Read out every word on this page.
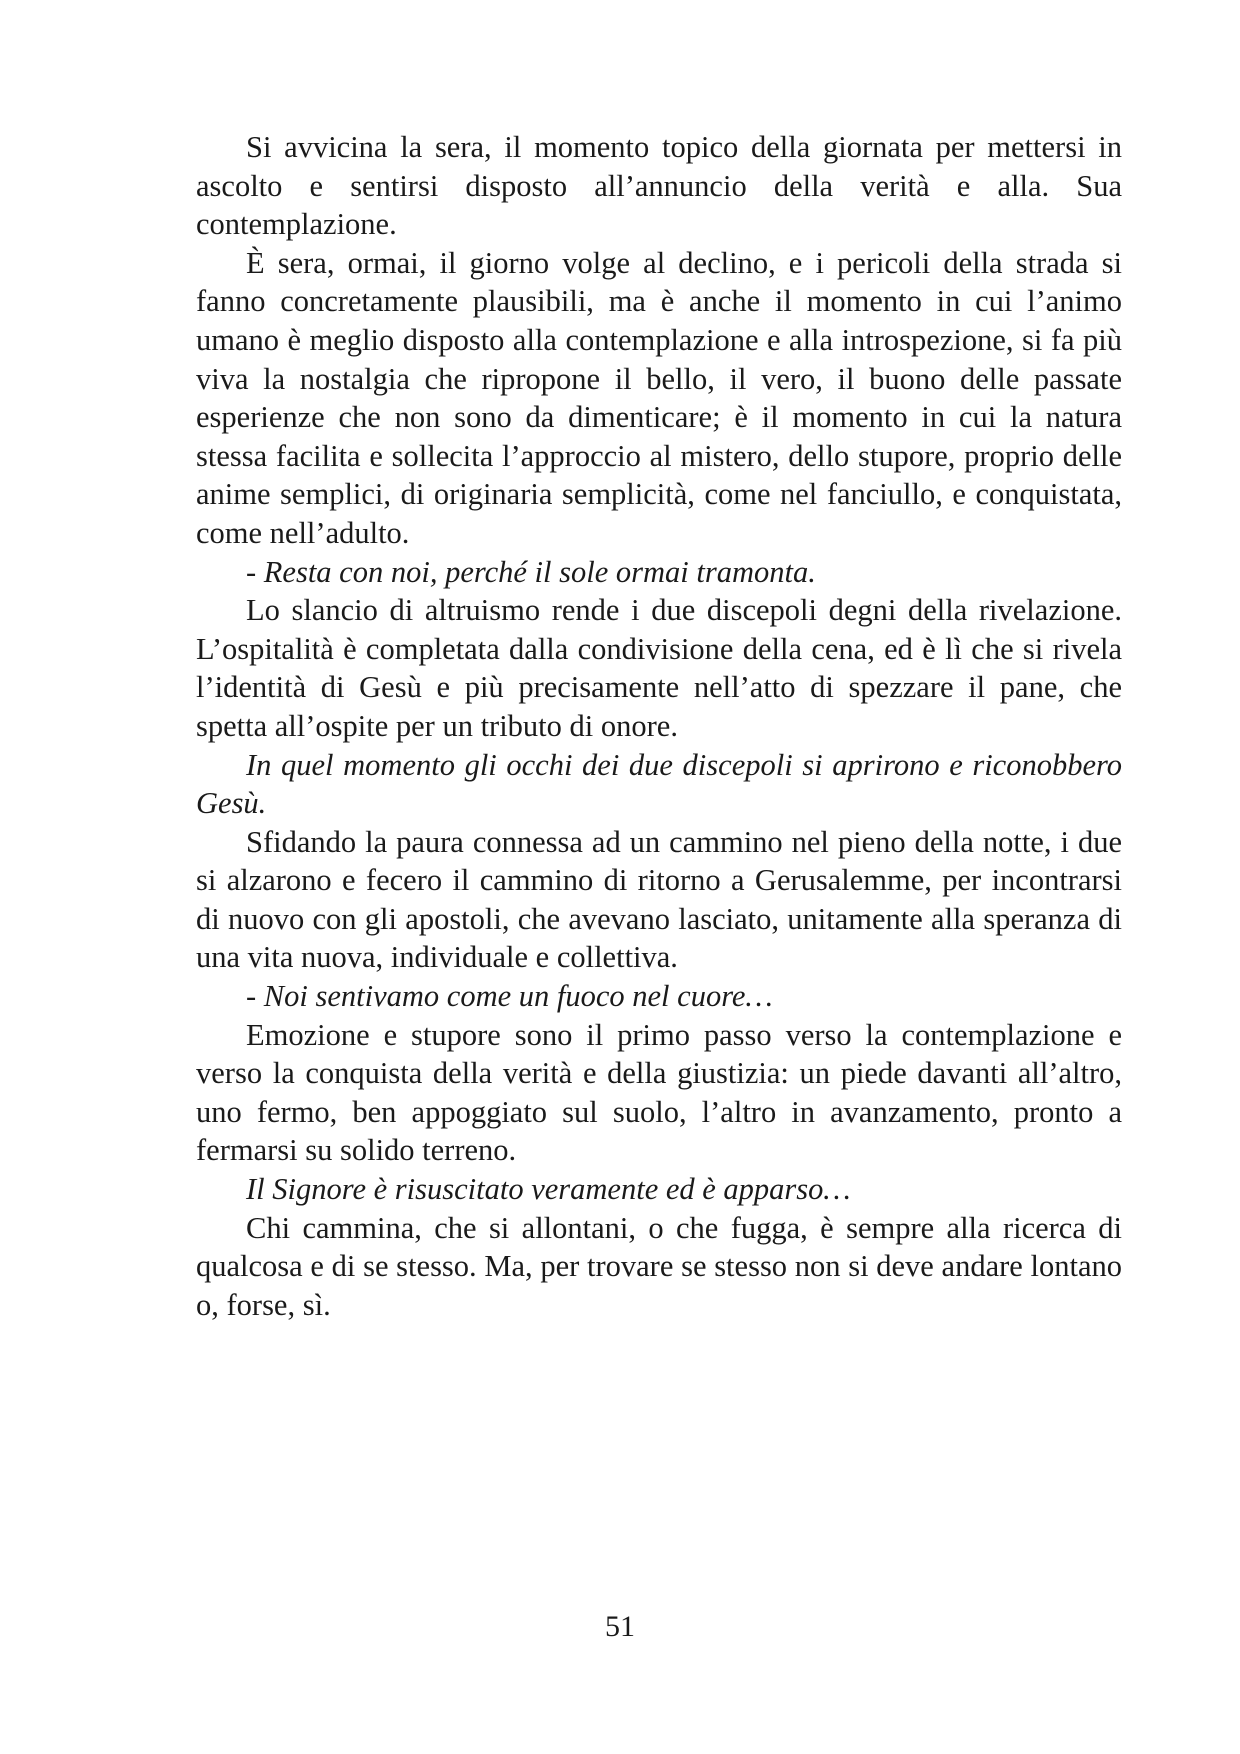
Si avvicina la sera, il momento topico della giornata per mettersi in ascolto e sentirsi disposto all’annuncio della verità e alla. Sua contemplazione.

È sera, ormai, il giorno volge al declino, e i pericoli della strada si fanno concretamente plausibili, ma è anche il momento in cui l’animo umano è meglio disposto alla contemplazione e alla introspezione, si fa più viva la nostalgia che ripropone il bello, il vero, il buono delle passate esperienze che non sono da dimenticare; è il momento in cui la natura stessa facilita e sollecita l’approccio al mistero, dello stupore, proprio delle anime semplici, di originaria semplicità, come nel fanciullo, e conquistata, come nell’adulto.

- Resta con noi, perché il sole ormai tramonta.

Lo slancio di altruismo rende i due discepoli degni della rivelazione. L’ospitalità è completata dalla condivisione della cena, ed è lì che si rivela l’identità di Gesù e più precisamente nell’atto di spezzare il pane, che spetta all’ospite per un tributo di onore.

In quel momento gli occhi dei due discepoli si aprirono e riconobbero Gesù.

Sfidando la paura connessa ad un cammino nel pieno della notte, i due si alzarono e fecero il cammino di ritorno a Gerusalemme, per incontrarsi di nuovo con gli apostoli, che avevano lasciato, unitamente alla speranza di una vita nuova, individuale e collettiva.

- Noi sentivamo come un fuoco nel cuore…

Emozione e stupore sono il primo passo verso la contemplazione e verso la conquista della verità e della giustizia: un piede davanti all’altro, uno fermo, ben appoggiato sul suolo, l’altro in avanzamento, pronto a fermarsi su solido terreno.

Il Signore è risuscitato veramente ed è apparso…

Chi cammina, che si allontani, o che fugga, è sempre alla ricerca di qualcosa e di se stesso. Ma, per trovare se stesso non si deve andare lontano o, forse, sì.

51
